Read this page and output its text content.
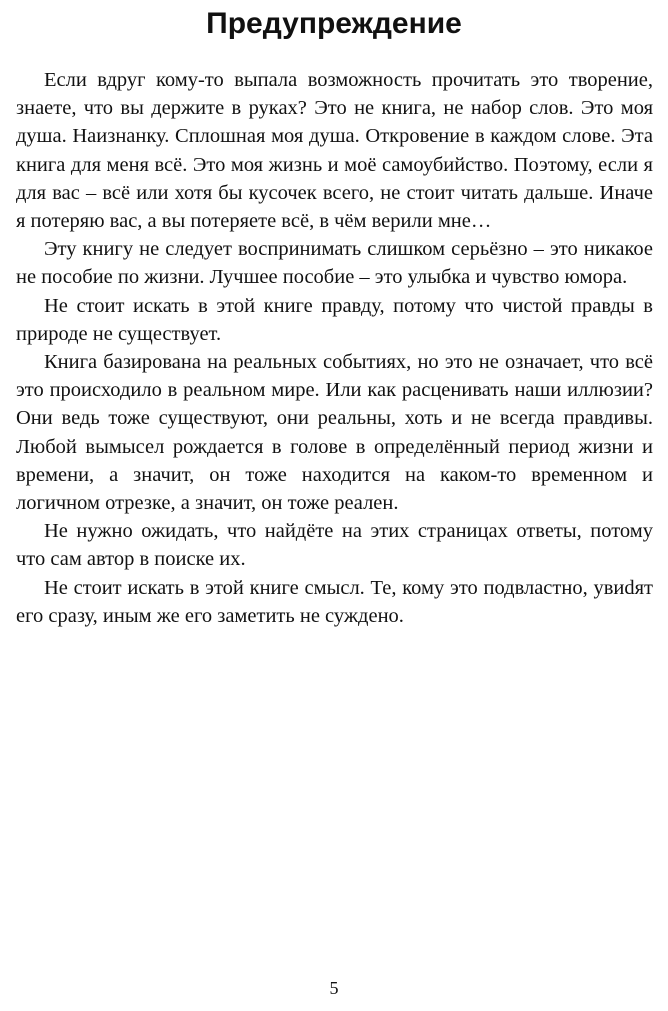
Предупреждение

Если вдруг кому-то выпала возможность прочитать это творение, знаете, что вы держите в руках? Это не книга, не набор слов. Это моя душа. Наизнанку. Сплошная моя душа. Откровение в каждом слове. Эта книга для меня всё. Это моя жизнь и моё самоубийство. Поэтому, если я для вас – всё или хотя бы кусочек всего, не стоит читать дальше. Иначе я потеряю вас, а вы потеряете всё, в чём верили мне…

Эту книгу не следует воспринимать слишком серьёзно – это никакое не пособие по жизни. Лучшее пособие – это улыбка и чувство юмора.

Не стоит искать в этой книге правду, потому что чистой правды в природе не существует.

Книга базирована на реальных событиях, но это не означает, что всё это происходило в реальном мире. Или как расценивать наши иллюзии? Они ведь тоже существуют, они реальны, хоть и не всегда правдивы. Любой вымысел рождается в голове в определённый период жизни и времени, а значит, он тоже находится на каком-то временном и логичном отрезке, а значит, он тоже реален.

Не нужно ожидать, что найдёте на этих страницах ответы, потому что сам автор в поиске их.

Не стоит искать в этой книге смысл. Те, кому это подвластно, увиdят его сразу, иным же его заметить не суждено.

5
